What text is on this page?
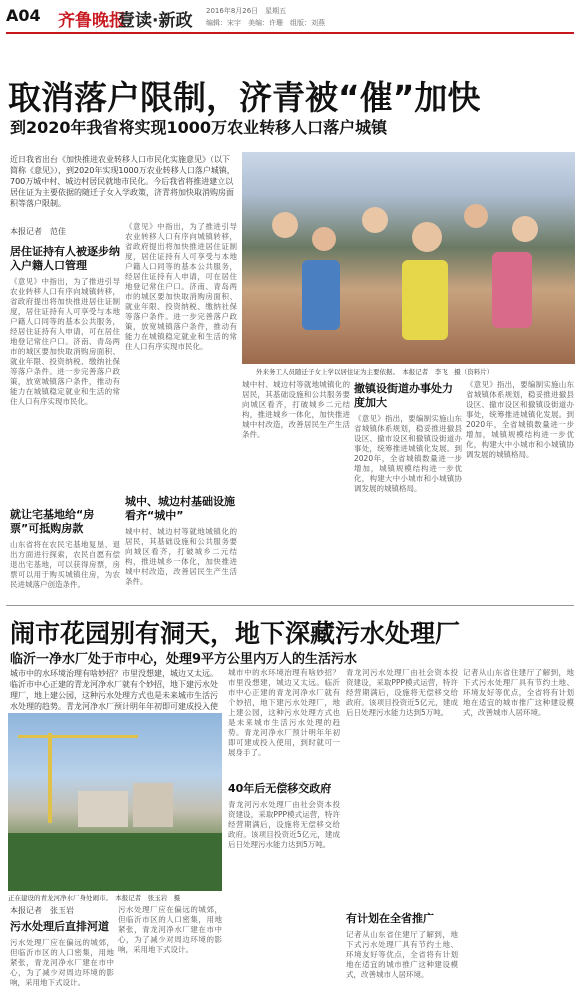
A04 齐鲁晚报
壹读·新政 2016年8月26日　星期五
编辑：宋宇　美编：许珊　组版：刘燕
取消落户限制，济青被“催”加快
到2020年我省将实现1000万农业转移人口落户城镇
近日我省出台《加快推进农业转移人口市民化实施意见》（以下简称《意见》），到2020年实现1000万农业转移人口落户城镇，700万城中村、城边村居民就地市民化。今后我省将推进建立以居住证为主要依据的随迁子女入学政策，济青将加快取消购房面积等落户限制。
外来务工人员随迁子女上学以居住证为主要依据。　本报记者　李飞　摄（资料片）
本报记者　范佳
居住证持有人被逐步纳入户籍人口管理
《意见》中指出，为了推进引导农业转移人口有序向城镇转移，省政府提出将加快推进居住证制度，居住证持有人可享受与本地户籍人口同等的基本公共服务，经居住证持有人申请，可在居住地登记常住户口。济南、青岛两市的城区要加快取消购房面积、就业年限、投资纳税、缴纳社保等落户条件。进一步完善落户政策，放宽城镇落户条件，推动有能力在城镇稳定就业和生活的常住人口有序实现市民化。
就让宅基地给“房票”可抵购房款
山东省将在农民宅基地复垦、退出方面进行探索，农民自愿有偿退出宅基地，可以获得房票，房票可以用于购买城镇住房，为农民进城落户创造条件。
《意见》中指出，为了推进引导农业转移人口有序向城镇转移，省政府提出将加快推进居住证制度，居住证持有人可享受与本地户籍人口同等的基本公共服务，经居住证持有人申请，可在居住地登记常住户口。济南、青岛两市的城区要加快取消购房面积、就业年限、投资纳税、缴纳社保等落户条件。进一步完善落户政策，放宽城镇落户条件，推动有能力在城镇稳定就业和生活的常住人口有序实现市民化。
城中、城边村基础设施看齐“城中”
城中村、城边村等就地城镇化的居民，其基础设施和公共服务要向城区看齐，打破城乡二元结构，推进城乡一体化，加快推进城中村改造，改善居民生产生活条件。
城中村、城边村等就地城镇化的居民，其基础设施和公共服务要向城区看齐，打破城乡二元结构，推进城乡一体化，加快推进城中村改造，改善居民生产生活条件。
撤镇设街道办事处力度加大
《意见》指出，要编制实施山东省城镇体系规划，稳妥推进撤县设区、撤市设区和撤镇设街道办事处，统筹推进城镇化发展。到2020年，全省城镇数量进一步增加，城镇规模结构进一步优化，构建大中小城市和小城镇协调发展的城镇格局。
《意见》指出，要编制实施山东省城镇体系规划，稳妥推进撤县设区、撤市设区和撤镇设街道办事处，统筹推进城镇化发展。到2020年，全省城镇数量进一步增加，城镇规模结构进一步优化，构建大中小城市和小城镇协调发展的城镇格局。
闹市花园别有洞天，地下深藏污水处理厂
临沂一净水厂处于市中心，处理9平方公里内万人的生活污水
城市中的水环境治理有啥妙招？市里没想建，城边又太远。临沂市中心正建的青龙河净水厂就有个妙招，地下建污水处理厂，地上建公园，这种污水处理方式也是未来城市生活污水处理的趋势。青龙河净水厂预计明年年初即可建成投入使
正在建设的青龙河净水厂身处闹市。　本报记者　张玉岩　摄
本报记者　张玉岩
污水处理后直排河道
污水处理厂应在偏远的城郊，但临沂市区的人口密集，用地紧张，青龙河净水厂建在市中心，为了减少对周边环境的影响，采用地下式设计。
污水处理厂应在偏远的城郊，但临沂市区的人口密集，用地紧张，青龙河净水厂建在市中心，为了减少对周边环境的影响，采用地下式设计。
城市中的水环境治理有啥妙招？市里没想建，城边又太远。临沂市中心正建的青龙河净水厂就有个妙招，地下建污水处理厂，地上建公园，这种污水处理方式也是未来城市生活污水处理的趋势。青龙河净水厂预计明年年初即可建成投入使用，到时就可一展身手了。
40年后无偿移交政府
青龙河污水处理厂由社会资本投资建设，采取PPP模式运营，特许经营期满后，设施将无偿移交给政府。该项目投资近5亿元，建成后日处理污水能力达到5万吨。
青龙河污水处理厂由社会资本投资建设，采取PPP模式运营，特许经营期满后，设施将无偿移交给政府。该项目投资近5亿元，建成后日处理污水能力达到5万吨。
有计划在全省推广
记者从山东省住建厅了解到，地下式污水处理厂具有节约土地、环境友好等优点，全省将有计划地在适宜的城市推广这种建设模式，改善城市人居环境。
记者从山东省住建厅了解到，地下式污水处理厂具有节约土地、环境友好等优点，全省将有计划地在适宜的城市推广这种建设模式，改善城市人居环境。
